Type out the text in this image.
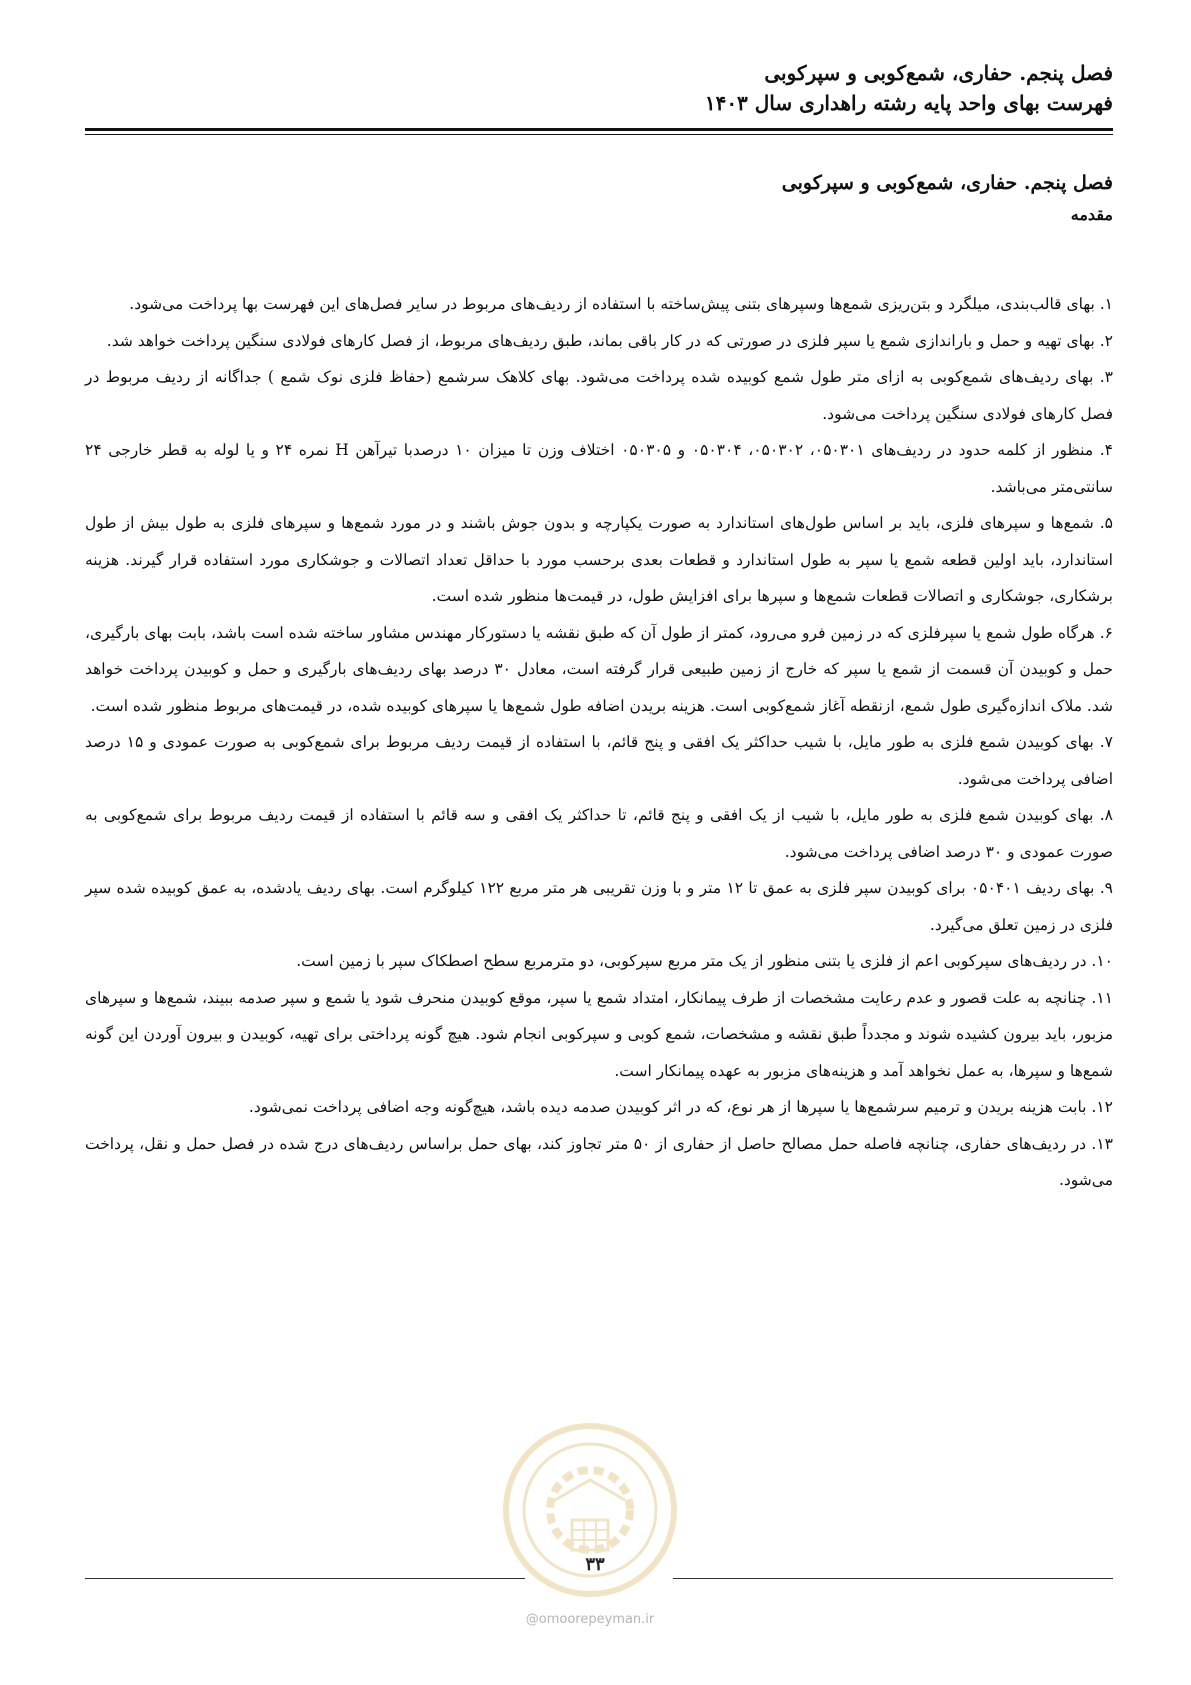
فصل پنجم. حفاری، شمع‌کوبی و سپرکوبی
فهرست بهای واحد پایه رشته راهداری سال ۱۴۰۳
فصل پنجم. حفاری، شمع‌کوبی و سپرکوبی
مقدمه

۱. بهای قالب‌بندی، میلگرد و بتن‌ریزی شمع‌ها وسپرهای بتنی پیش‌ساخته با استفاده از ردیف‌های مربوط در سایر فصل‌های این فهرست بها پرداخت می‌شود.

۲. بهای تهیه و حمل و باراندازی شمع یا سپر فلزی در صورتی که در کار باقی بماند، طبق ردیف‌های مربوط، از فصل کارهای فولادی سنگین پرداخت خواهد شد.

۳. بهای ردیف‌های شمع‌کوبی به ازای متر طول شمع کوبیده شده پرداخت می‌شود. بهای کلاهک سرشمع (حفاظ فلزی نوک شمع ) جداگانه از ردیف مربوط در فصل کارهای فولادی سنگین پرداخت می‌شود.

۴. منظور از کلمه حدود در ردیف‌های ۰۵۰۳۰۱، ۰۵۰۳۰۲، ۰۵۰۳۰۴ و ۰۵۰۳۰۵ اختلاف وزن تا میزان ۱۰ درصدبا تیرآهن H نمره ۲۴ و یا لوله به قطر خارجی ۲۴ سانتی‌متر می‌باشد.

۵. شمع‌ها و سپرهای فلزی، باید بر اساس طول‌های استاندارد به صورت یکپارچه و بدون جوش باشند و در مورد شمع‌ها و سپرهای فلزی به طول بیش از طول استاندارد، باید اولین قطعه شمع یا سپر به طول استاندارد و قطعات بعدی برحسب مورد با حداقل تعداد اتصالات و جوشکاری مورد استفاده قرار گیرند. هزینه برشکاری، جوشکاری و اتصالات قطعات شمع‌ها و سپرها برای افزایش طول، در قیمت‌ها منظور شده است.

۶. هرگاه طول شمع یا سپرفلزی که در زمین فرو می‌رود، کمتر از طول آن که طبق نقشه یا دستورکار مهندس مشاور ساخته شده است باشد، بابت بهای بارگیری، حمل و کوبیدن آن قسمت از شمع یا سپر که خارج از زمین طبیعی قرار گرفته است، معادل ۳۰ درصد بهای ردیف‌های بارگیری و حمل و کوبیدن پرداخت خواهد شد. ملاک اندازه‌گیری طول شمع، ازنقطه آغاز شمع‌کوبی است. هزینه بریدن اضافه طول شمع‌ها یا سپرهای کوبیده شده، در قیمت‌های مربوط منظور شده است.

۷. بهای کوبیدن شمع فلزی به طور مایل، با شیب حداکثر یک افقی و پنج قائم، با استفاده از قیمت ردیف مربوط برای شمع‌کوبی به صورت عمودی و ۱۵ درصد اضافی پرداخت می‌شود.

۸. بهای کوبیدن شمع فلزی به طور مایل، با شیب از یک افقی و پنج قائم، تا حداکثر یک افقی و سه قائم با استفاده از قیمت ردیف مربوط برای شمع‌کوبی به صورت عمودی و ۳۰ درصد اضافی پرداخت می‌شود.

۹. بهای ردیف ۰۵۰۴۰۱ برای کوبیدن سپر فلزی به عمق تا ۱۲ متر و با وزن تقریبی هر متر مربع ۱۲۲ کیلوگرم است. بهای ردیف یادشده، به عمق کوبیده شده سپر فلزی در زمین تعلق می‌گیرد.

۱۰. در ردیف‌های سپرکوبی اعم از فلزی یا بتنی منظور از یک متر مربع سپرکوبی، دو مترمربع سطح اصطکاک سپر با زمین است.

۱۱. چنانچه به علت قصور و عدم رعایت مشخصات از طرف پیمانکار، امتداد شمع یا سپر، موقع کوبیدن منحرف شود یا شمع و سپر صدمه ببیند، شمع‌ها و سپرهای مزبور، باید بیرون کشیده شوند و مجدداً طبق نقشه و مشخصات، شمع کوبی و سپرکوبی انجام شود. هیچ گونه پرداختی برای تهیه، کوبیدن و بیرون آوردن این گونه شمع‌ها و سپرها، به عمل نخواهد آمد و هزینه‌های مزبور به عهده پیمانکار است.

۱۲. بابت هزینه بریدن و ترمیم سرشمع‌ها یا سپرها از هر نوع، که در اثر کوبیدن صدمه دیده باشد، هیچ‌گونه وجه اضافی پرداخت نمی‌شود.

۱۳. در ردیف‌های حفاری، چنانچه فاصله حمل مصالح حاصل از حفاری از ۵۰ متر تجاوز کند، بهای حمل براساس ردیف‌های درج شده در فصل حمل و نقل، پرداخت می‌شود.

۳۳
@omoorepeyman.ir
